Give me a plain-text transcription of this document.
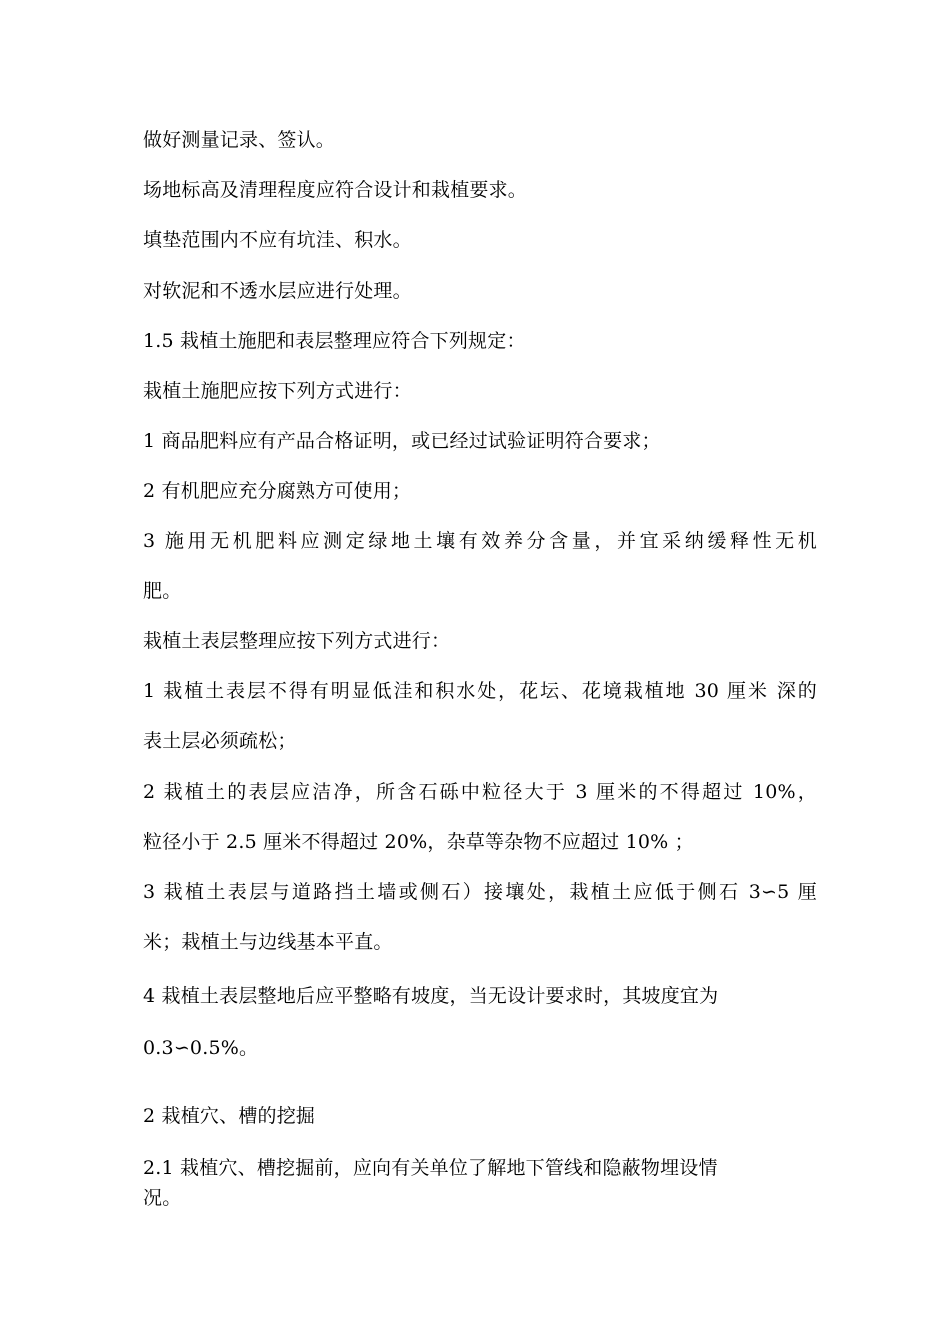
做好测量记录、签认。
场地标高及清理程度应符合设计和栽植要求。
填垫范围内不应有坑洼、积水。
对软泥和不透水层应进行处理。
1.5 栽植土施肥和表层整理应符合下列规定：
栽植土施肥应按下列方式进行：
1 商品肥料应有产品合格证明，或已经过试验证明符合要求；
2 有机肥应充分腐熟方可使用；
3 施用无机肥料应测定绿地土壤有效养分含量，并宜采纳缓释性无机
肥。
栽植土表层整理应按下列方式进行：
1 栽植土表层不得有明显低洼和积水处，花坛、花境栽植地 30 厘米 深的
表土层必须疏松；
2 栽植土的表层应洁净，所含石砾中粒径大于 3 厘米的不得超过 10%，
粒径小于 2.5 厘米不得超过 20%，杂草等杂物不应超过 10% ；
3 栽植土表层与道路挡土墙或侧石）接壤处，栽植土应低于侧石 3∽5 厘
米；栽植土与边线基本平直。
4 栽植土表层整地后应平整略有坡度，当无设计要求时，其坡度宜为
0.3∽0.5%。
2 栽植穴、槽的挖掘
2.1 栽植穴、槽挖掘前，应向有关单位了解地下管线和隐蔽物埋设情
况。
